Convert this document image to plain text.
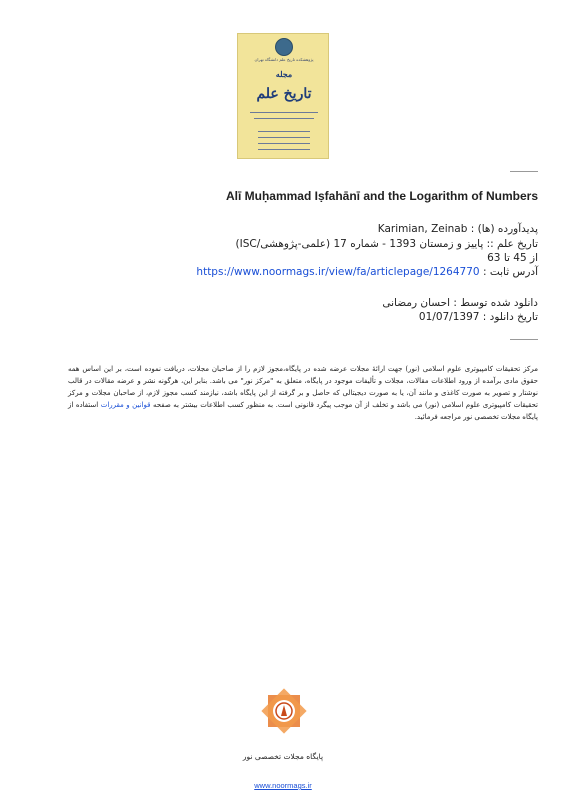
پژوهشکده تاریخ علم دانشگاه تهران
مجله
تاریخ علم
Alī Muḥammad Iṣfahānī and the Logarithm of Numbers
پدیدآورده (ها) : Karimian, Zeinab
تاریخ علم :: پاییز و زمستان 1393 - شماره 17 (علمی-پژوهشی/ISC)
از 45 تا 63
آدرس ثابت : https://www.noormags.ir/view/fa/articlepage/1264770
دانلود شده توسط : احسان رمضانی
تاریخ دانلود : 01/07/1397
مرکز تحقیقات کامپیوتری علوم اسلامی (نور) جهت ارائهٔ مجلات عرضه شده در پایگاه،مجوز لازم را از صاحبان مجلات، دریافت نموده است، بر این اساس همه حقوق مادی برآمده از ورود اطلاعات مقالات، مجلات و تألیفات موجود در پایگاه، متعلق به "مرکز نور" می باشد. بنابر این، هرگونه نشر و عرضه مقالات در قالب نوشتار و تصویر به صورت کاغذی و مانند آن، یا به صورت دیجیتالی که حاصل و بر گرفته از این پایگاه باشد، نیازمند کسب مجوز لازم، از صاحبان مجلات و مرکز تحقیقات کامپیوتری علوم اسلامی (نور) می باشد و تخلف از آن موجب پیگرد قانونی است. به منظور کسب اطلاعات بیشتر به صفحه قوانین و مقررات استفاده از پایگاه مجلات تخصصی نور مراجعه فرمائید.
پایگاه مجلات تخصصی نور
www.noormags.ir
